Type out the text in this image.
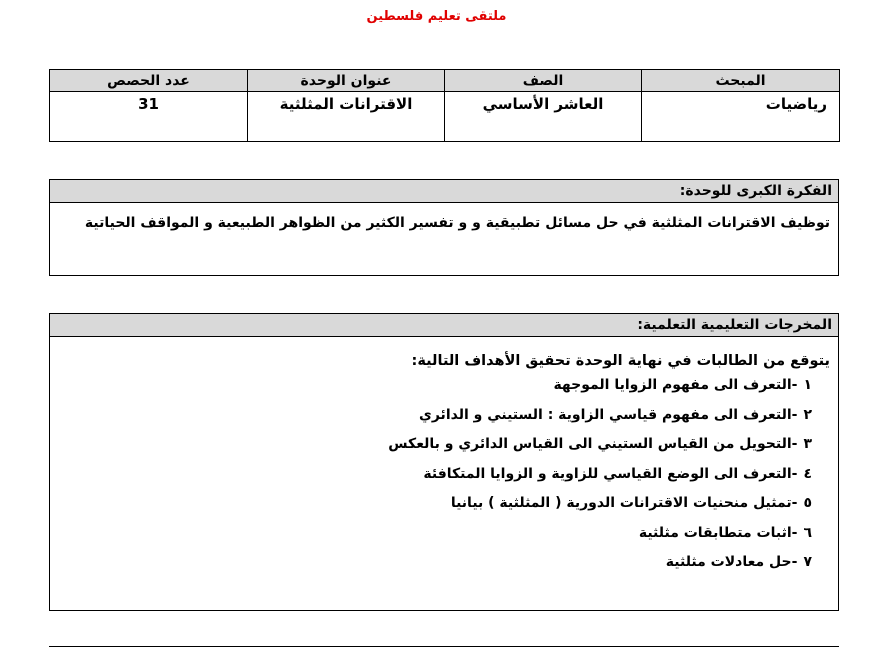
ملتقى تعليم فلسطين
المبحث	الصف	عنوان الوحدة	عدد الحصص
رياضيات	العاشر الأساسي	الاقترانات المثلثية	31
الفكرة الكبرى للوحدة:
توظيف الاقترانات المثلثية في حل مسائل تطبيقية و و تفسير الكثير من الظواهر الطبيعية و المواقف الحياتية
المخرجات التعليمية التعلمية:
يتوقع من الطالبات في نهاية الوحدة تحقيق الأهداف التالية:
١-التعرف الى مفهوم الزوايا الموجهة
٢-التعرف الى مفهوم قياسي الزاوية : الستيني و الدائري
٣-التحويل من القياس الستيني الى القياس الدائري و بالعكس
٤-التعرف الى الوضع القياسي للزاوية و الزوايا المتكافئة
٥-تمثيل منحنيات الاقترانات الدورية ( المثلثية ) بيانيا
٦-اثبات متطابقات مثلثية
٧-حل معادلات مثلثية
